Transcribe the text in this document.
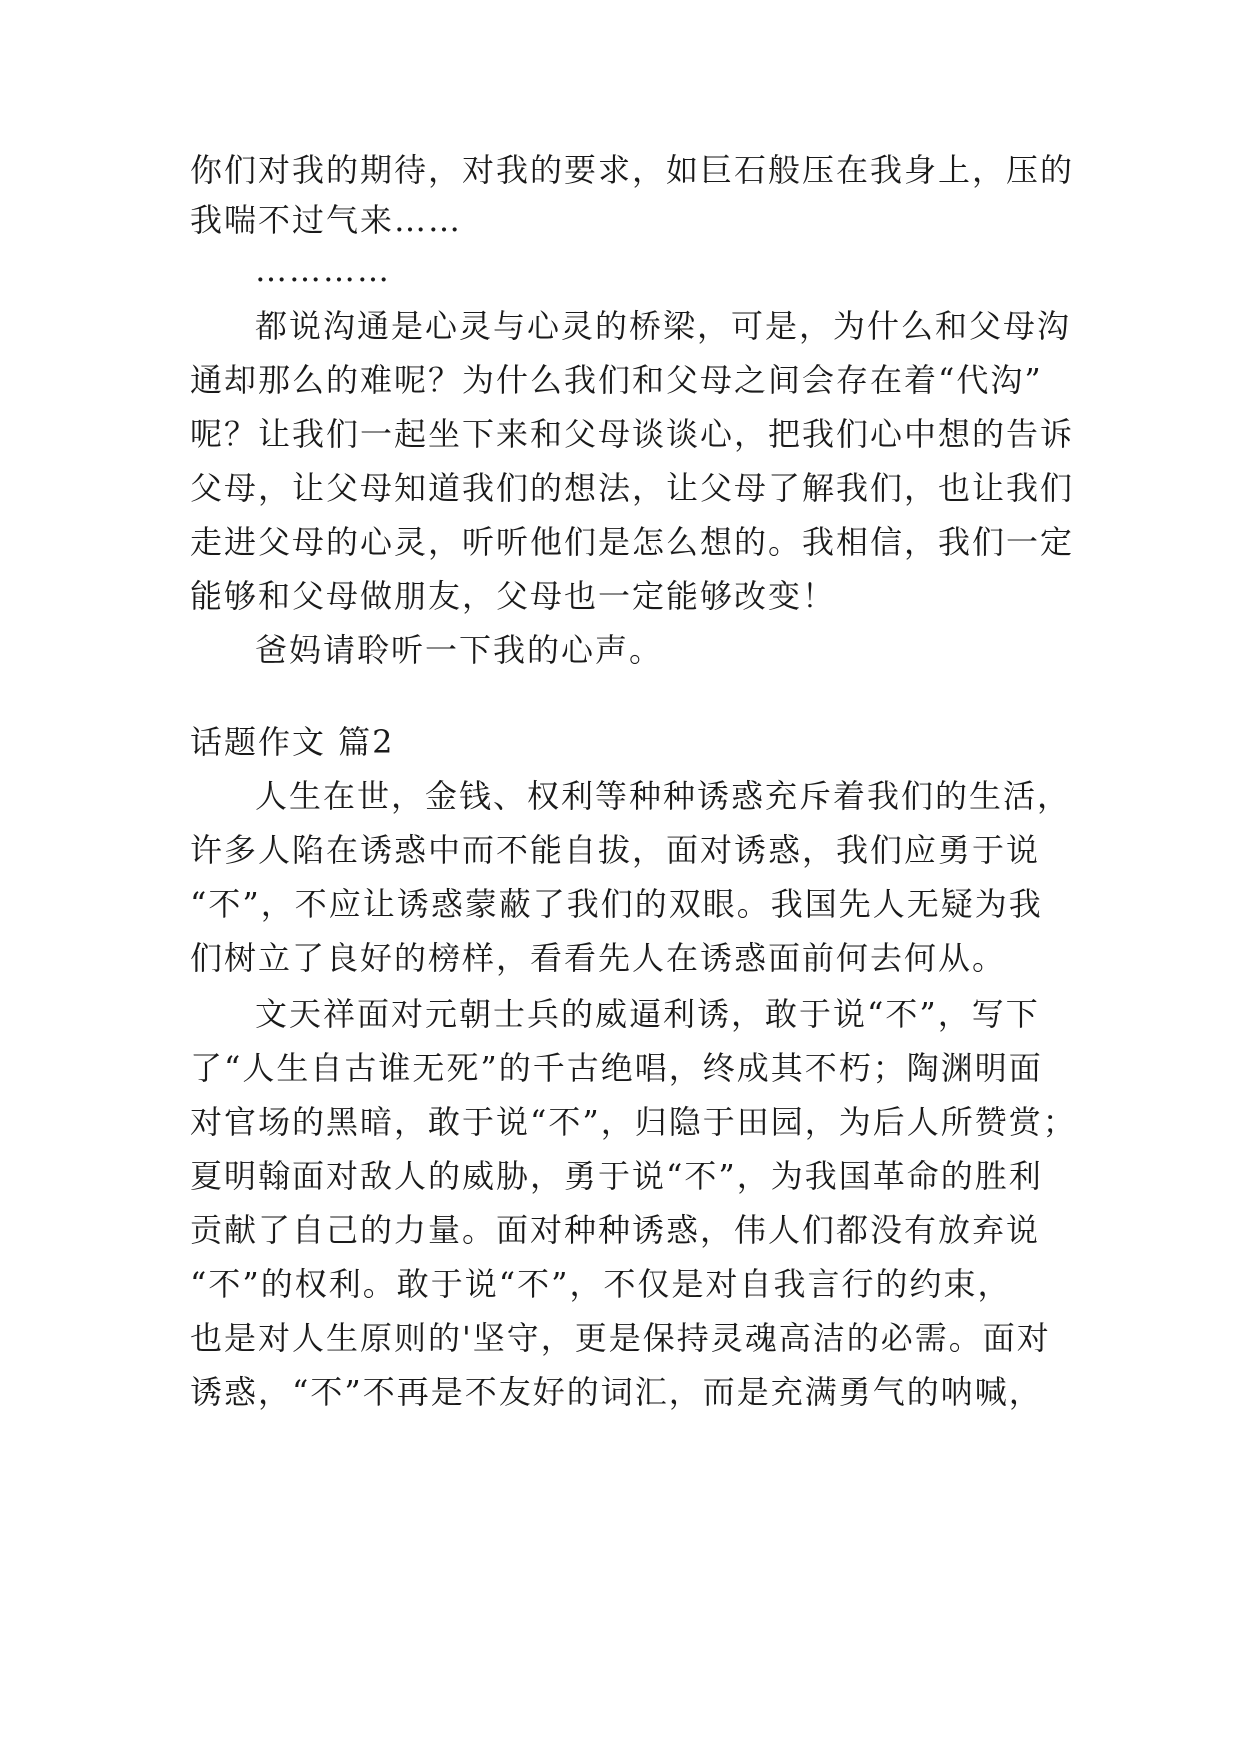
你们对我的期待，对我的要求，如巨石般压在我身上，压的
我喘不过气来……
…………
都说沟通是心灵与心灵的桥梁，可是，为什么和父母沟
通却那么的难呢？为什么我们和父母之间会存在着“代沟”
呢？让我们一起坐下来和父母谈谈心，把我们心中想的告诉
父母，让父母知道我们的想法，让父母了解我们，也让我们
走进父母的心灵，听听他们是怎么想的。我相信，我们一定
能够和父母做朋友，父母也一定能够改变！
爸妈请聆听一下我的心声。
话题作文 篇2
人生在世，金钱、权利等种种诱惑充斥着我们的生活，
许多人陷在诱惑中而不能自拔，面对诱惑，我们应勇于说
“不”，不应让诱惑蒙蔽了我们的双眼。我国先人无疑为我
们树立了良好的榜样，看看先人在诱惑面前何去何从。
文天祥面对元朝士兵的威逼利诱，敢于说“不”，写下
了“人生自古谁无死”的千古绝唱，终成其不朽；陶渊明面
对官场的黑暗，敢于说“不”，归隐于田园，为后人所赞赏；
夏明翰面对敌人的威胁，勇于说“不”，为我国革命的胜利
贡献了自己的力量。面对种种诱惑，伟人们都没有放弃说
“不”的权利。敢于说“不”，不仅是对自我言行的约束，
也是对人生原则的'坚守，更是保持灵魂高洁的必需。面对
诱惑，“不”不再是不友好的词汇，而是充满勇气的呐喊，
